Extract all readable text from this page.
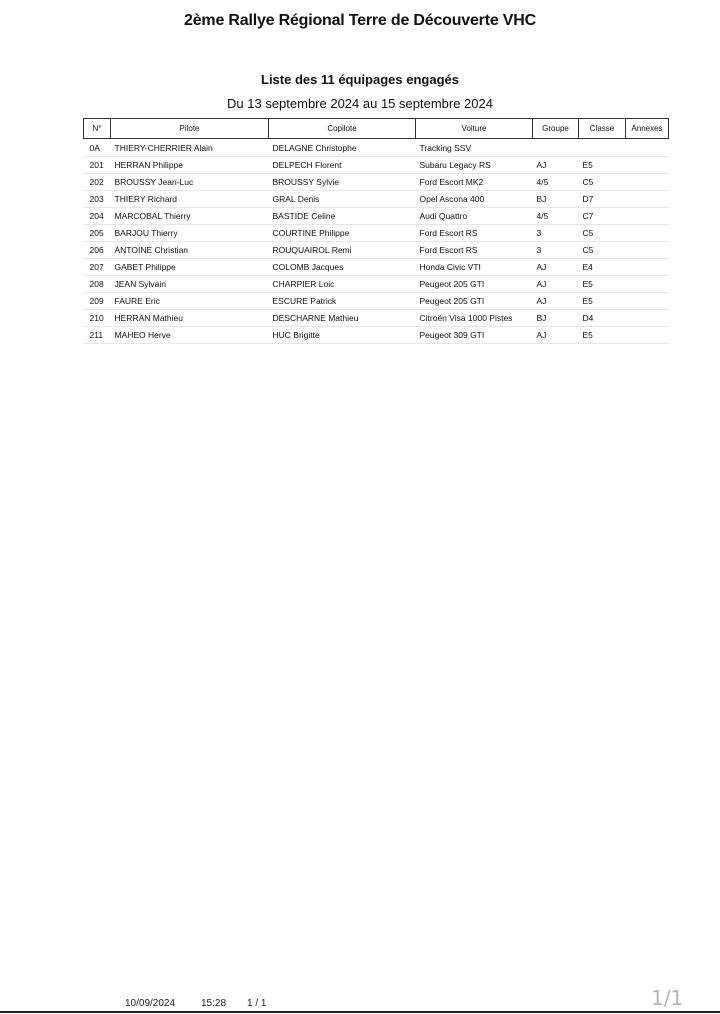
2ème Rallye Régional Terre de Découverte VHC
Liste des 11 équipages engagés
Du 13 septembre 2024 au 15 septembre 2024
N°	Pilote	Copilote	Voiture	Groupe	Classe	Annexes
0A	THIERY-CHERRIER Alain	DELAGNE Christophe	Tracking SSV			
201	HERRAN Philippe	DELPECH Florent	Subaru Legacy RS	AJ	E5	
202	BROUSSY Jean-Luc	BROUSSY Sylvie	Ford Escort MK2	4/5	C5	
203	THIERY Richard	GRAL Denis	Opel Ascona 400	BJ	D7	
204	MARCOBAL Thierry	BASTIDE Celine	Audi Quattro	4/5	C7	
205	BARJOU Thierry	COURTINE Philippe	Ford Escort RS	3	C5	
206	ANTOINE Christian	ROUQUAIROL Remi	Ford Escort RS	3	C5	
207	GABET Philippe	COLOMB Jacques	Honda Civic VTI	AJ	E4	
208	JEAN Sylvain	CHARPIER Loic	Peugeot 205 GTI	AJ	E5	
209	FAURE Eric	ESCURE Patrick	Peugeot 205 GTI	AJ	E5	
210	HERRAN Mathieu	DESCHARNE Mathieu	Citroën Visa 1000 Pistes	BJ	D4	
211	MAHEO Herve	HUC Brigitte	Peugeot 309 GTI	AJ	E5	
10/09/2024	15:28 1 / 1	1/1
